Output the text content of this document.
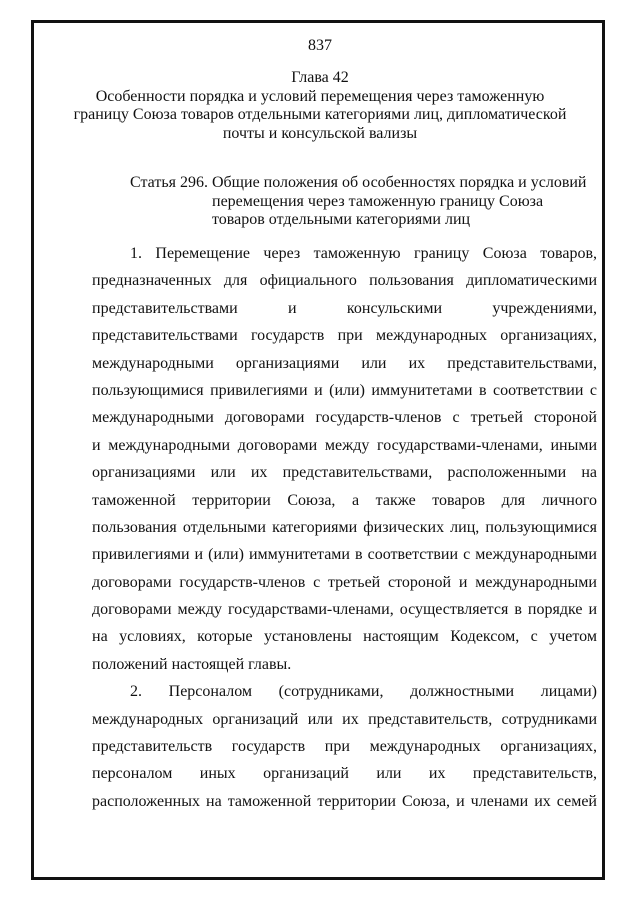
837
Глава 42
Особенности порядка и условий перемещения через таможенную
границу Союза товаров отдельными категориями лиц, дипломатической
почты и консульской вализы
Статья 296. Общие положения об особенностях порядка и условий
перемещения через таможенную границу Союза
товаров отдельными категориями лиц
1. Перемещение через таможенную границу Союза товаров,
предназначенных для официального пользования дипломатическими
представительствами и консульскими учреждениями,
представительствами государств при международных организациях,
международными организациями или их представительствами,
пользующимися привилегиями и (или) иммунитетами в соответствии с
международными договорами государств-членов с третьей стороной
и международными договорами между государствами-членами, иными
организациями или их представительствами, расположенными на
таможенной территории Союза, а также товаров для личного
пользования отдельными категориями физических лиц, пользующимися
привилегиями и (или) иммунитетами в соответствии с международными
договорами государств-членов с третьей стороной и международными
договорами между государствами-членами, осуществляется в порядке и
на условиях, которые установлены настоящим Кодексом, с учетом
положений настоящей главы.
2. Персоналом (сотрудниками, должностными лицами)
международных организаций или их представительств, сотрудниками
представительств государств при международных организациях,
персоналом иных организаций или их представительств,
расположенных на таможенной территории Союза, и членами их семей
